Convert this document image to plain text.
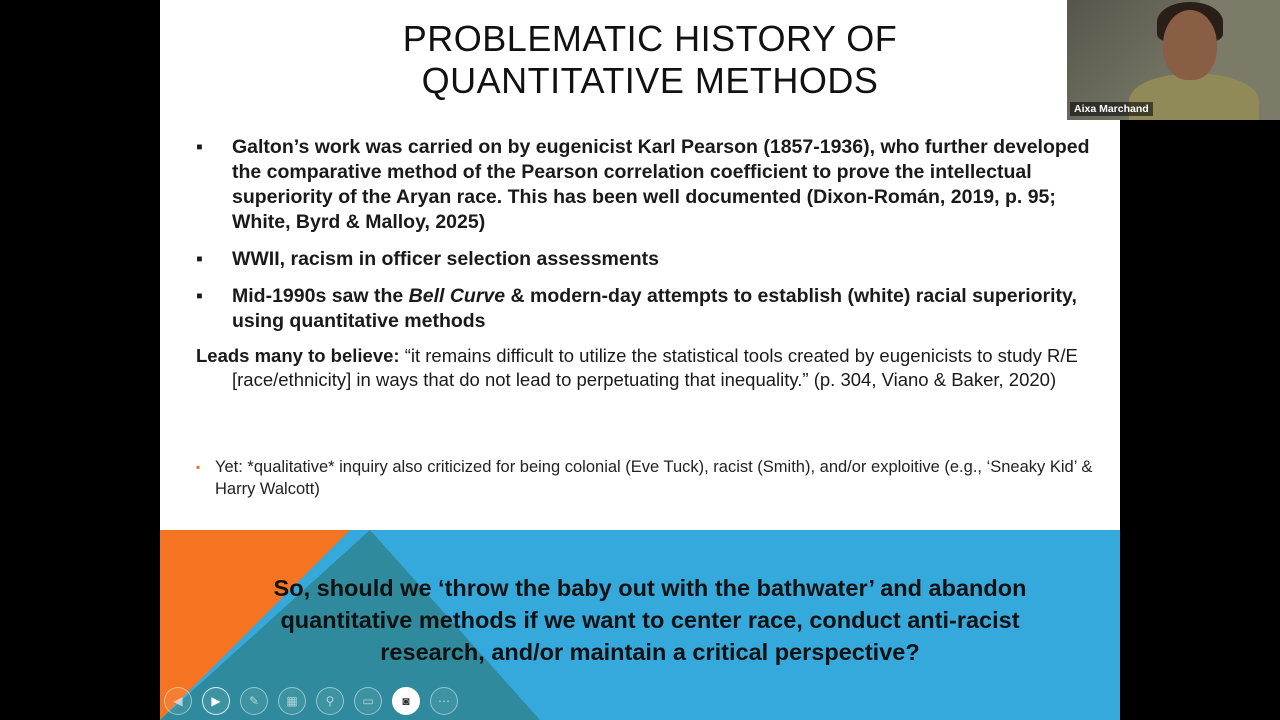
PROBLEMATIC HISTORY OF
QUANTITATIVE METHODS
▪	Galton’s work was carried on by eugenicist Karl Pearson (1857-1936), who further developed the comparative method of the Pearson correlation coefficient to prove the intellectual superiority of the Aryan race. This has been well documented (Dixon-Román, 2019, p. 95; White, Byrd & Malloy, 2025)
▪	WWII, racism in officer selection assessments
▪	Mid-1990s saw the Bell Curve & modern-day attempts to establish (white) racial superiority, using quantitative methods
Leads many to believe: “it remains difficult to utilize the statistical tools created by eugenicists to study R/E [race/ethnicity] in ways that do not lead to perpetuating that inequality.” (p. 304, Viano & Baker, 2020)
▪ Yet: *qualitative* inquiry also criticized for being colonial (Eve Tuck), racist (Smith), and/or exploitive (e.g., ‘Sneaky Kid’ & Harry Walcott)
So, should we ‘throw the baby out with the bathwater’ and abandon quantitative methods if we want to center race, conduct anti-racist research, and/or maintain a critical perspective?
◀ ▶ ✎ ▦ ⚲ ▭ ◙ ⋯
Aixa Marchand
